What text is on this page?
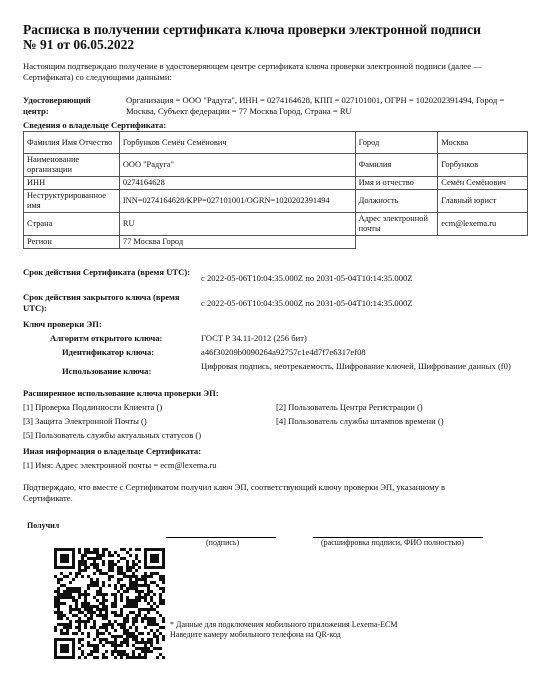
Расписка в получении сертификата ключа проверки электронной подписи
№ 91 от 06.05.2022
Настоящим подтверждаю получение в удостоверяющем центре сертификата ключа проверки электронной подписи (далее — Сертификата) со следующими данными:
Удостоверяющий центр:
Организация = ООО "Радуга", ИНН = 0274164628, КПП = 027101001, ОГРН = 1020202391494, Город = Москва, Субъект федерации = 77 Москва Город, Страна = RU
Сведения о владельце Сертификата:
Фамилия Имя Отчество	Горбунков Семён Семёнович	Город	Москва
Наименование организации	ООО "Радуга"	Фамилия	Горбунков
ИНН	0274164628	Имя и отчество	Семён Семёнович
Неструктурированное имя	INN=0274164628/KPP=027101001/OGRN=1020202391494	Должность	Главный юрист
Страна	RU	Адрес электронной почты	ecm@lexema.ru
Регион	77 Москва Город		
Срок действия Сертификата (время UTC):
с 2022-05-06T10:04:35.000Z по 2031-05-04T10:14:35.000Z
Срок действия закрытого ключа (время UTC):	с 2022-05-06T10:04:35.000Z по 2031-05-04T10:14:35.000Z
Ключ проверки ЭП:
Алгоритм открытого ключа:	ГОСТ Р 34.11-2012 (256 бит)
Идентификатор ключа:	a46f30209b0090264a92757c1e4d7f7e6317ef08
Использование ключа:	Цифровая подпись, неотрекаемость, Шифрование ключей, Шифрование данных (f0)
Расширенное использование ключа проверки ЭП:
[1] Проверка Подлинности Клиента ()	[2] Пользователь Центра Регистрации ()
[3] Защита Электронной Почты ()	[4] Пользователь службы штампов времени ()
[5] Пользователь службы актуальных статусов ()
Иная информация о владельце Сертификата:
[1] Имя: Адрес электронной почты = ecm@lexema.ru
Подтверждаю, что вместе с Сертификатом получил ключ ЭП, соответствующий ключу проверки ЭП, указанному в Сертификате.
Получил
(подпись)	(расшифровка подписи, ФИО полностью)
* Данные для подключения мобильного приложения Lexema-ECM
Наведите камеру мобильного телефона на QR-код
